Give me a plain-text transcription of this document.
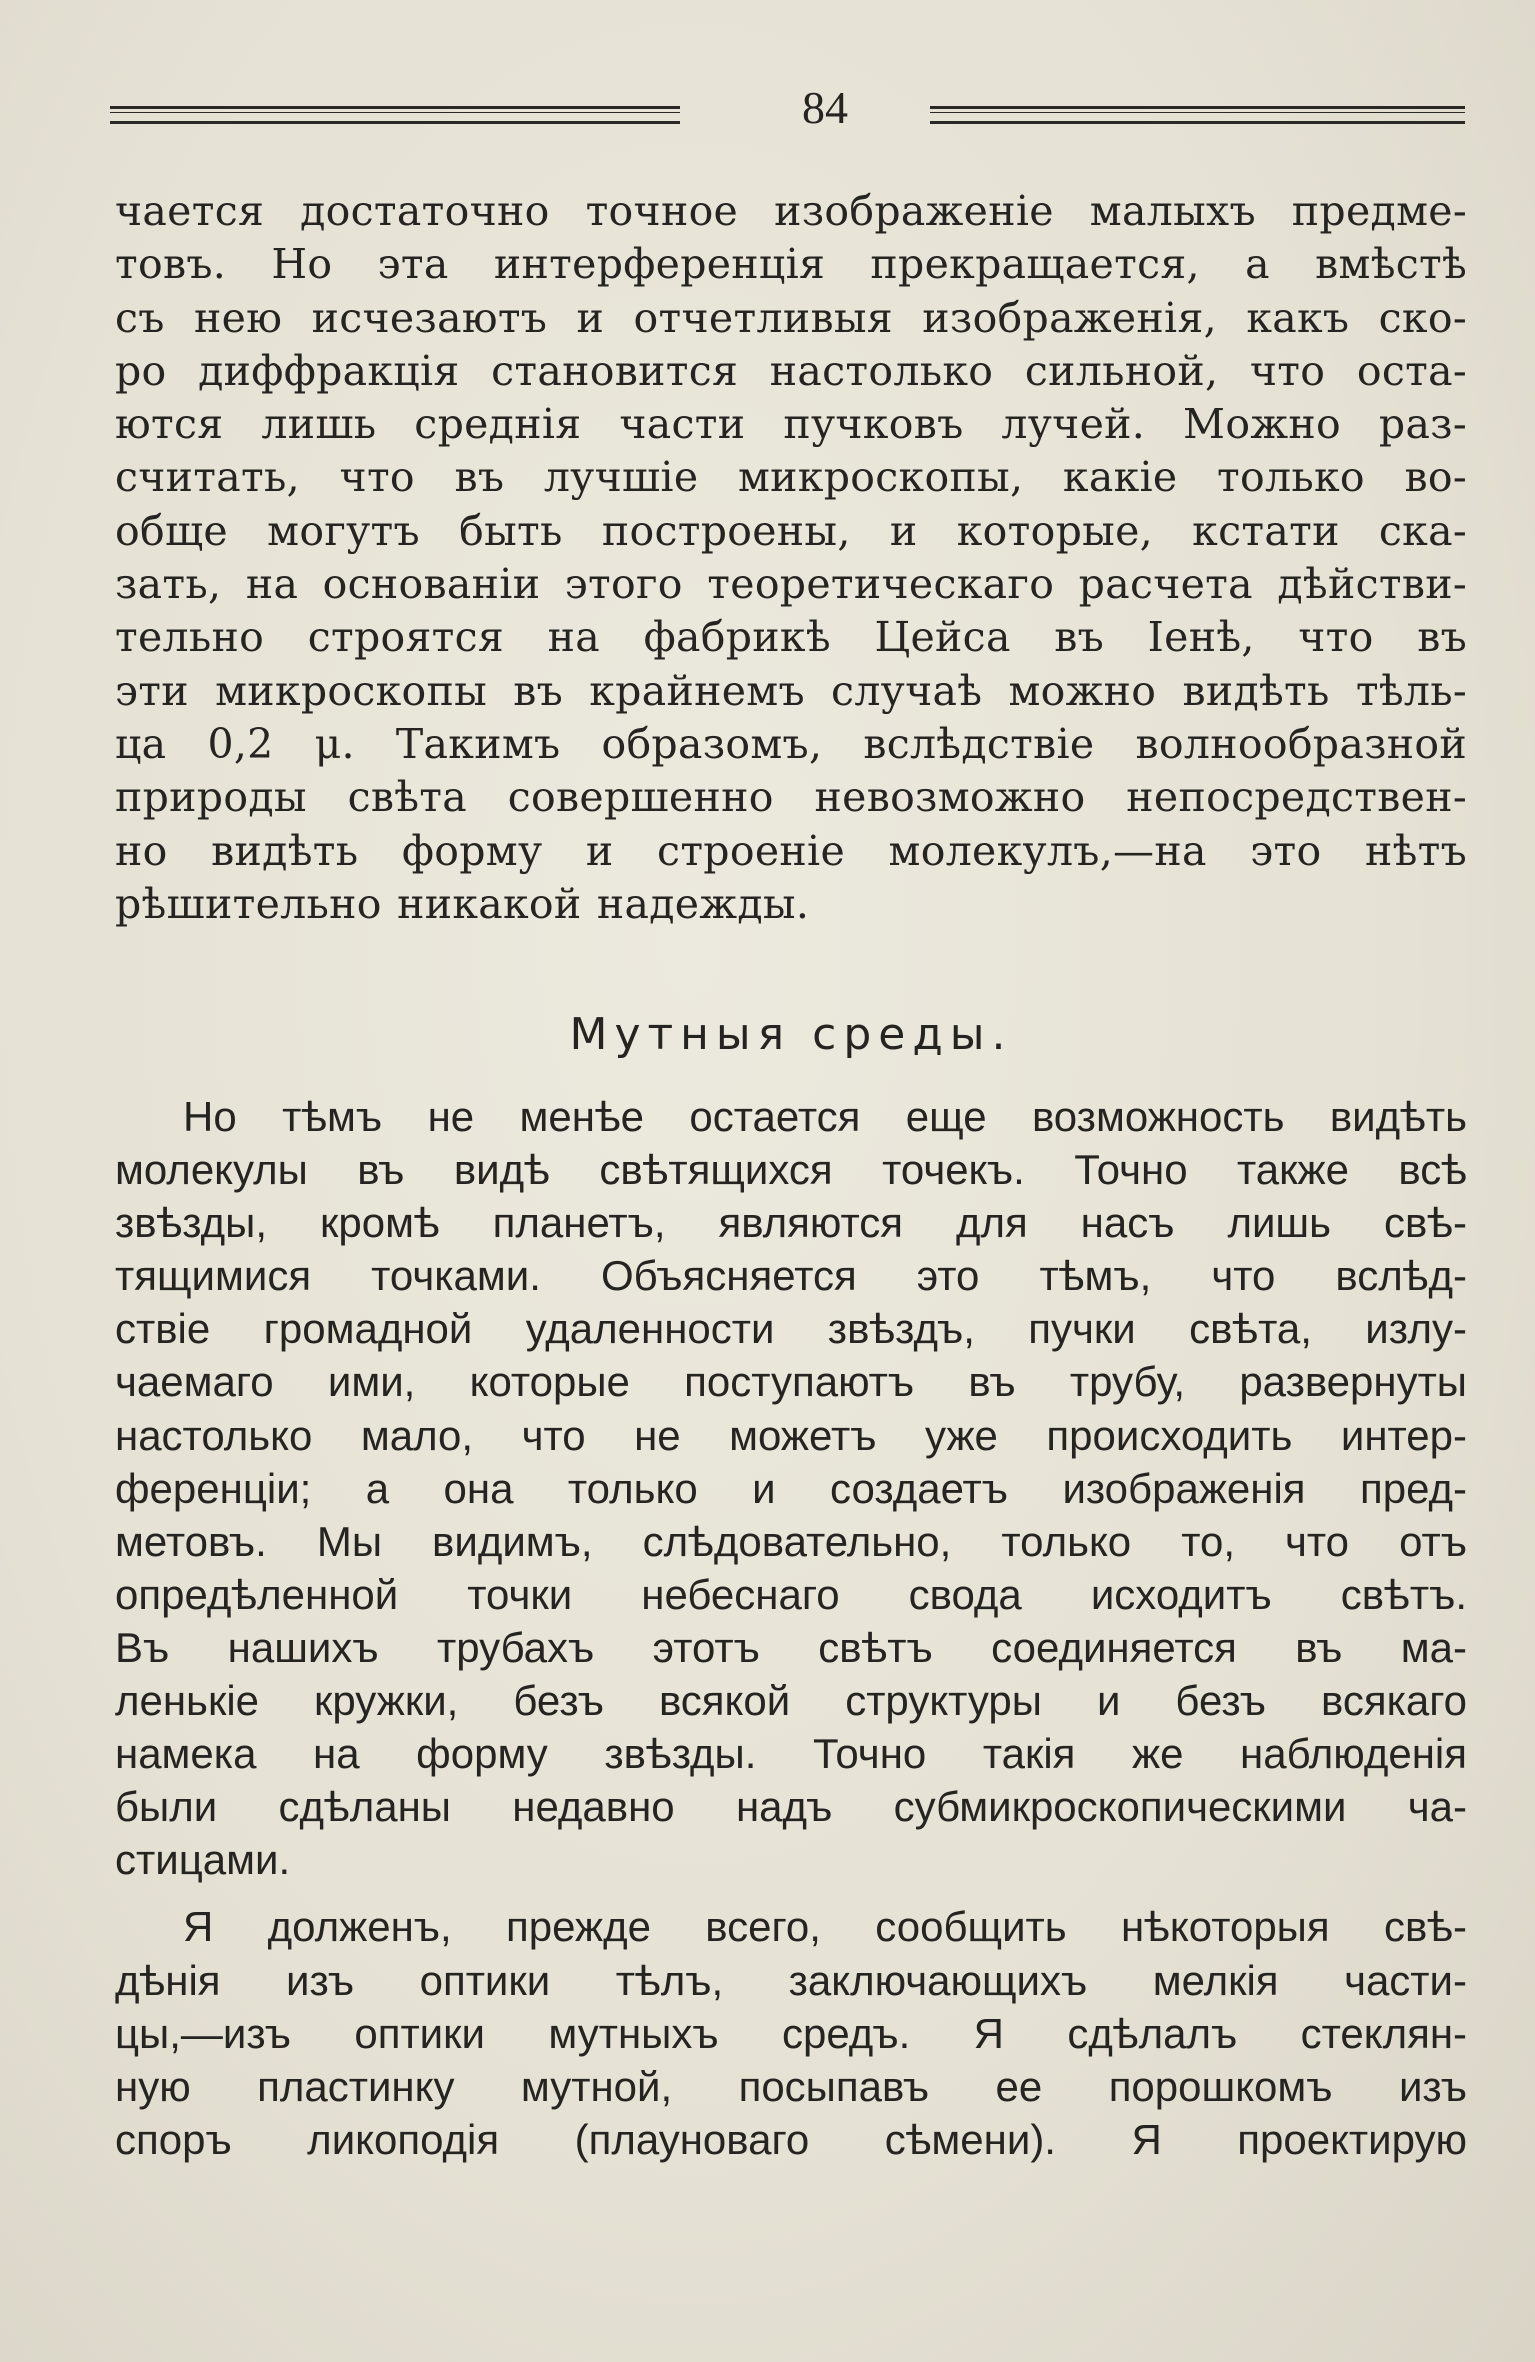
84
чается достаточно точное изображеніе малыхъ предме-
товъ. Но эта интерференція прекращается, а вмѣстѣ
съ нею исчезаютъ и отчетливыя изображенія, какъ ско-
ро диффракція становится настолько сильной, что оста-
ются лишь среднія части пучковъ лучей. Можно раз-
считать, что въ лучшіе микроскопы, какіе только во-
обще могутъ быть построены, и которые, кстати ска-
зать, на основаніи этого теоретическаго расчета дѣйстви-
тельно строятся на фабрикѣ Цейса въ Іенѣ, что въ
эти микроскопы въ крайнемъ случаѣ можно видѣть тѣль-
ца 0,2 μ. Такимъ образомъ, вслѣдствіе волнообразной
природы свѣта совершенно невозможно непосредствен-
но видѣть форму и строеніе молекулъ,—на это нѣтъ
рѣшительно никакой надежды.
Мутныя среды.
Но тѣмъ не менѣе остается еще возможность видѣть
молекулы въ видѣ свѣтящихся точекъ. Точно также всѣ
звѣзды, кромѣ планетъ, являются для насъ лишь свѣ-
тящимися точками. Объясняется это тѣмъ, что вслѣд-
ствіе громадной удаленности звѣздъ, пучки свѣта, излу-
чаемаго ими, которые поступаютъ въ трубу, развернуты
настолько мало, что не можетъ уже происходить интер-
ференціи; а она только и создаетъ изображенія пред-
метовъ. Мы видимъ, слѣдовательно, только то, что отъ
опредѣленной точки небеснаго свода исходитъ свѣтъ.
Въ нашихъ трубахъ этотъ свѣтъ соединяется въ ма-
ленькіе кружки, безъ всякой структуры и безъ всякаго
намека на форму звѣзды. Точно такія же наблюденія
были сдѣланы недавно надъ субмикроскопическими ча-
стицами.
Я долженъ, прежде всего, сообщить нѣкоторыя свѣ-
дѣнія изъ оптики тѣлъ, заключающихъ мелкія части-
цы,—изъ оптики мутныхъ средъ. Я сдѣлалъ стеклян-
ную пластинку мутной, посыпавъ ее порошкомъ изъ
споръ ликоподія (плауноваго сѣмени). Я проектирую
